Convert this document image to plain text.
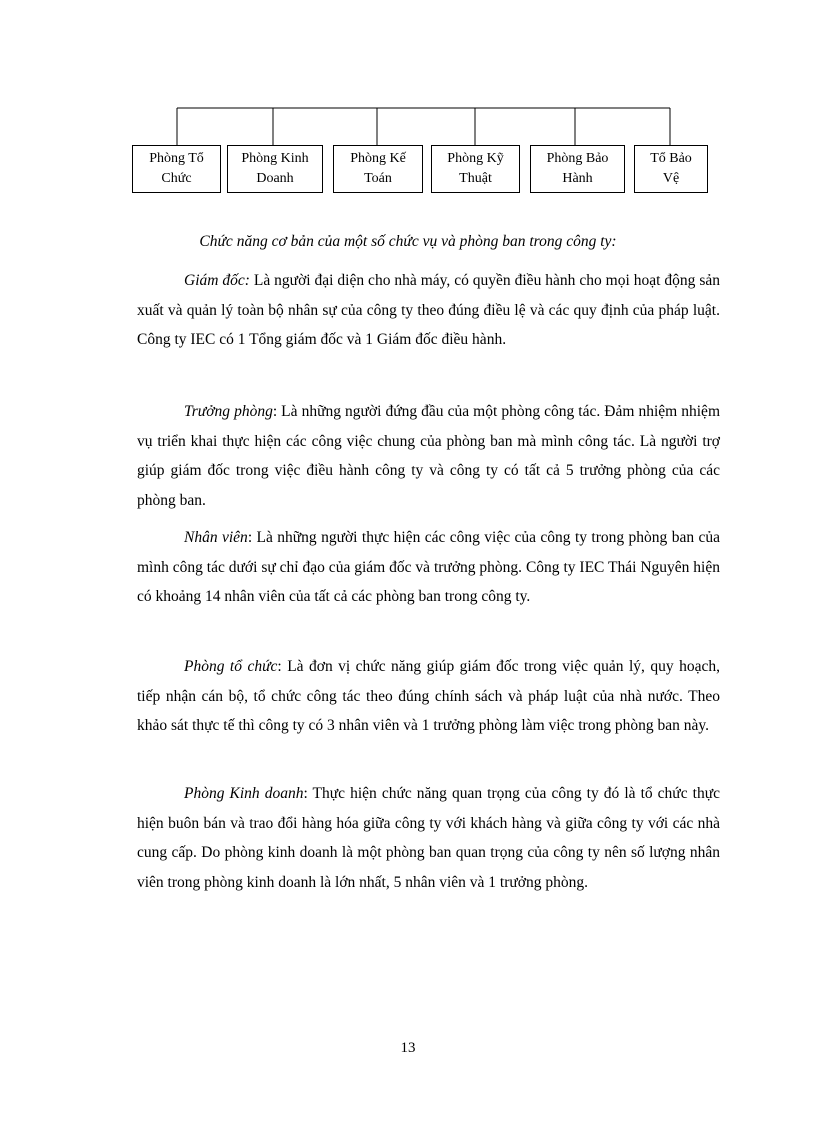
Phòng Tổ
Chức
Phòng Kinh
Doanh
Phòng Kế
Toán
Phòng Kỹ
Thuật
Phòng Bảo
Hành
Tổ Bảo
Vệ
Chức năng cơ bản của một số chức vụ và phòng ban trong công ty:

Giám đốc: Là người đại diện cho nhà máy, có quyền điều hành cho mọi hoạt động sản xuất và quản lý toàn bộ nhân sự của công ty theo đúng điều lệ và các quy định của pháp luật. Công ty IEC có 1 Tổng giám đốc và 1 Giám đốc điều hành.

Trưởng phòng: Là những người đứng đầu của một phòng công tác. Đảm nhiệm nhiệm vụ triển khai thực hiện các công việc chung của phòng ban mà mình công tác. Là người trợ giúp giám đốc trong việc điều hành công ty và công ty có tất cả 5 trưởng phòng của các phòng ban.

Nhân viên: Là những người thực hiện các công việc của công ty trong phòng ban của mình công tác dưới sự chỉ đạo của giám đốc và trưởng phòng. Công ty IEC Thái Nguyên hiện có khoảng 14 nhân viên của tất cả các phòng ban trong công ty.

Phòng tổ chức: Là đơn vị chức năng giúp giám đốc trong việc quản lý, quy hoạch, tiếp nhận cán bộ, tổ chức công tác theo đúng chính sách và pháp luật của nhà nước. Theo khảo sát thực tế thì công ty có 3 nhân viên và 1 trưởng phòng làm việc trong phòng ban này.

Phòng Kinh doanh: Thực hiện chức năng quan trọng của công ty đó là tổ chức thực hiện buôn bán và trao đổi hàng hóa giữa công ty với khách hàng và giữa công ty với các nhà cung cấp. Do phòng kinh doanh là một phòng ban quan trọng của công ty nên số lượng nhân viên trong phòng kinh doanh là lớn nhất, 5 nhân viên và 1 trưởng phòng.

13
